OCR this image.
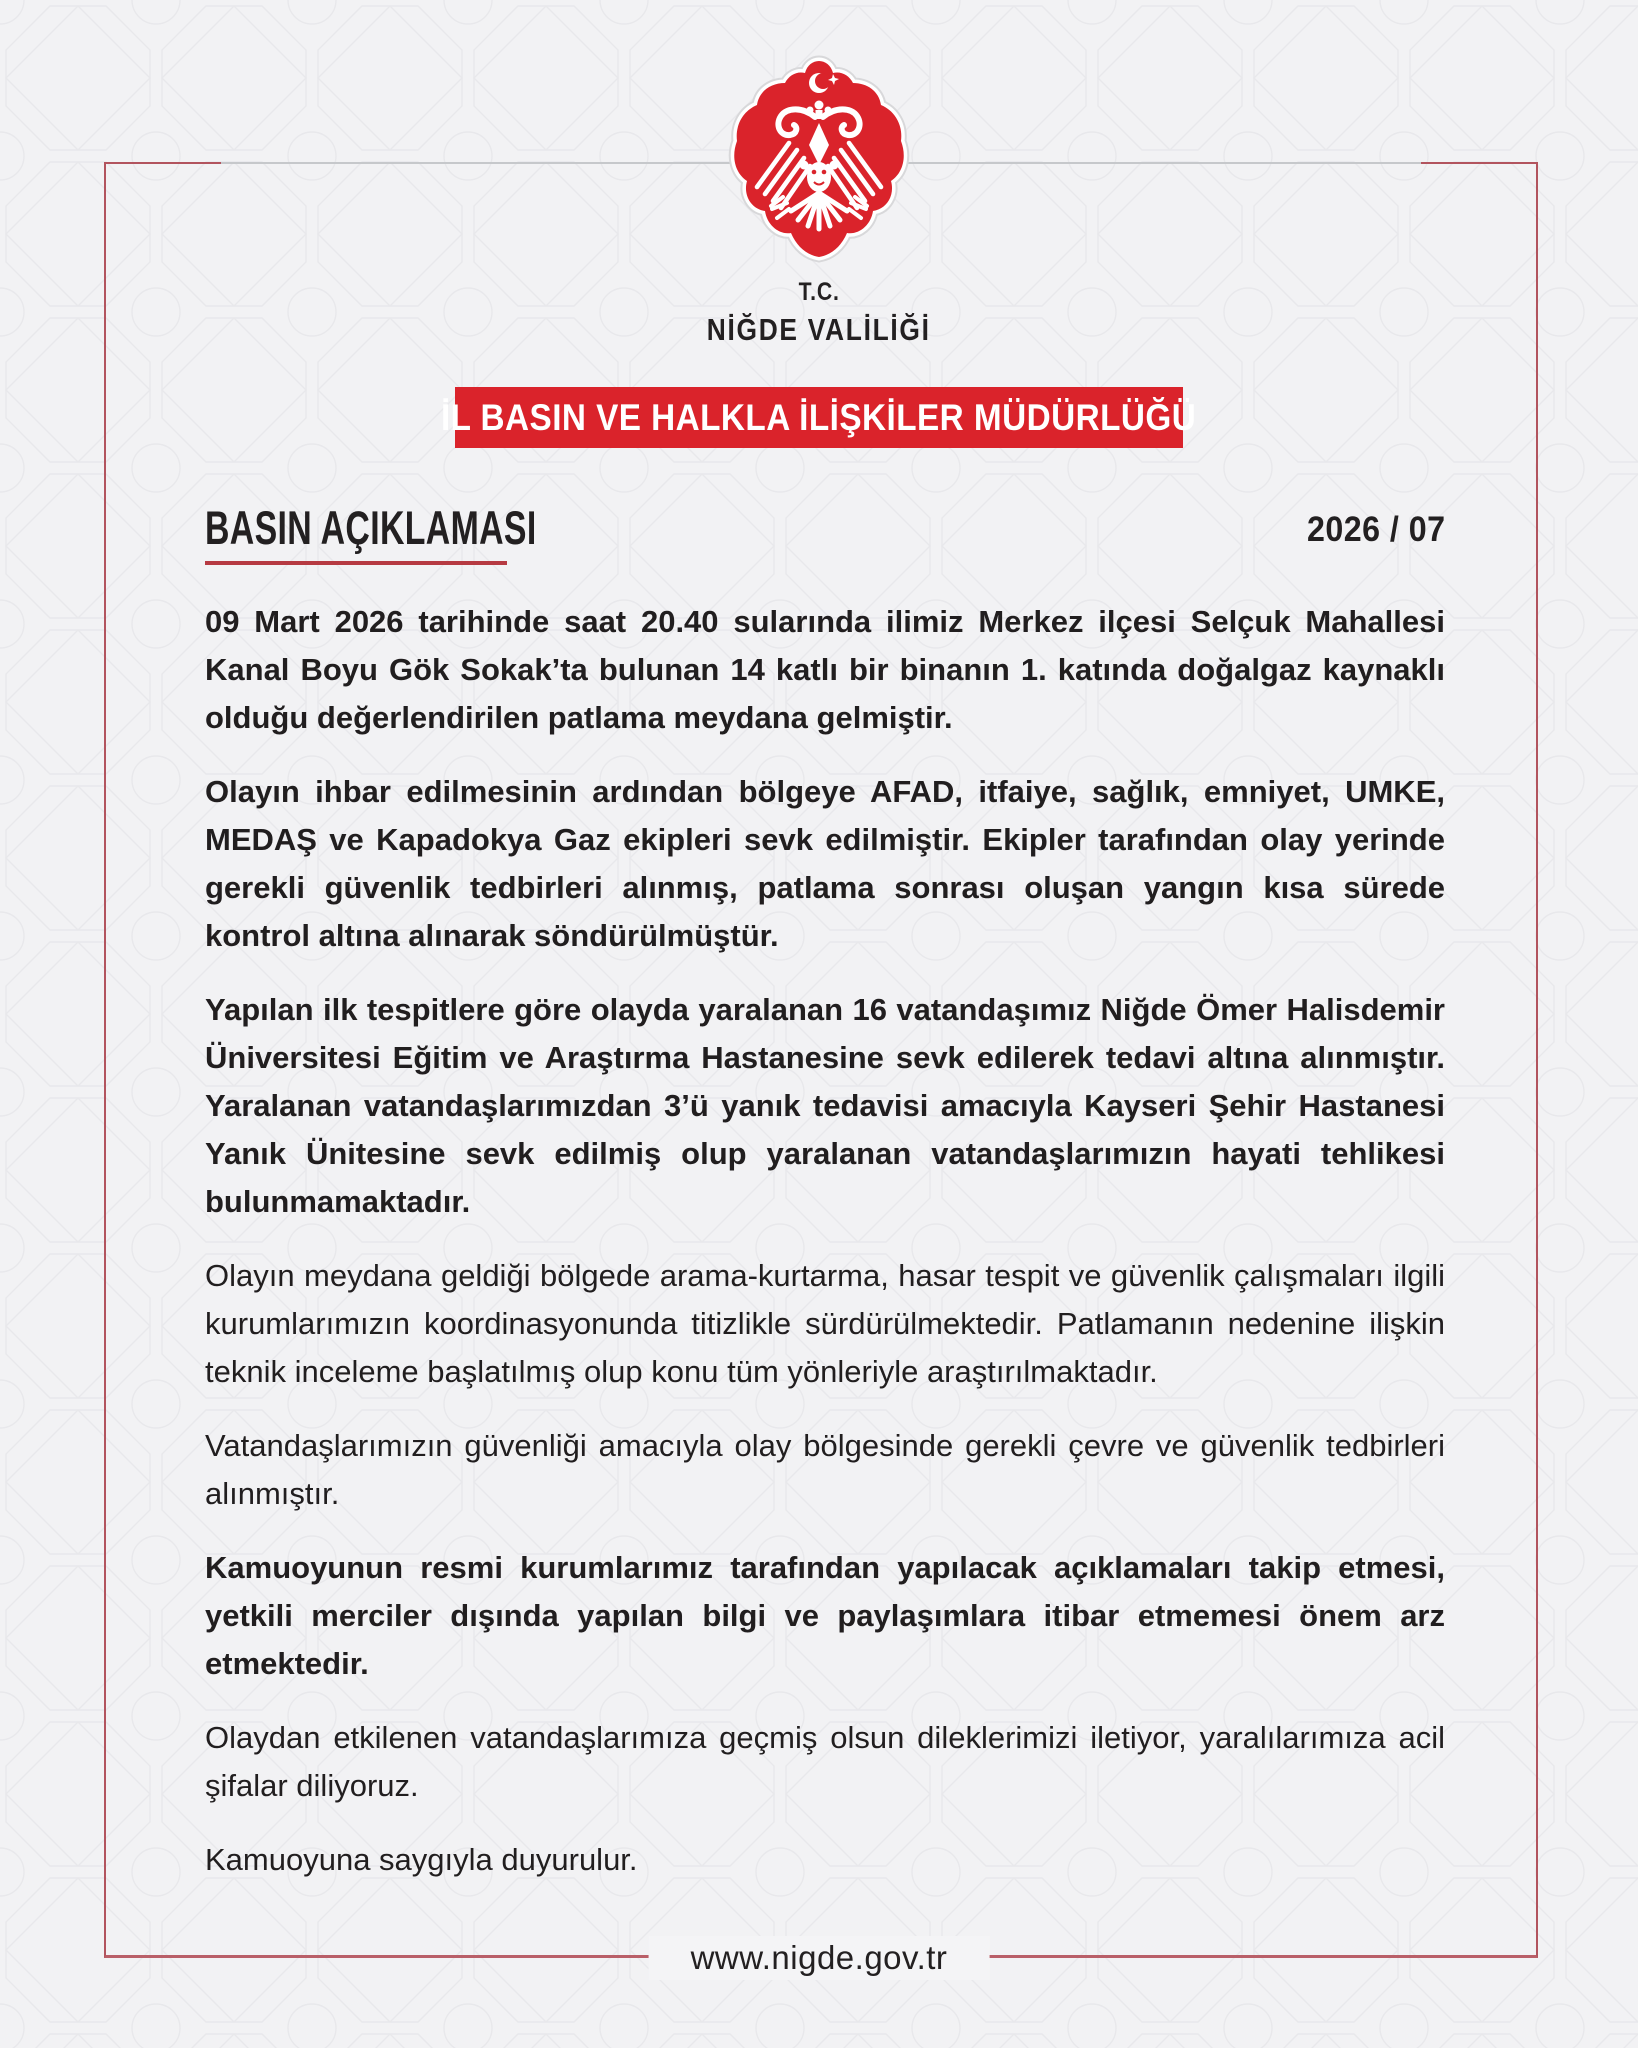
T.C.
NİĞDE VALİLİĞİ
İL BASIN VE HALKLA İLİŞKİLER MÜDÜRLÜĞÜ
BASIN AÇIKLAMASI	2026 / 07

09 Mart 2026 tarihinde saat 20.40 sularında ilimiz Merkez ilçesi Selçuk Mahallesi Kanal Boyu Gök Sokak’ta bulunan 14 katlı bir binanın 1. katında doğalgaz kaynaklı olduğu değerlendirilen patlama meydana gelmiştir.

Olayın ihbar edilmesinin ardından bölgeye AFAD, itfaiye, sağlık, emniyet, UMKE, MEDAŞ ve Kapadokya Gaz ekipleri sevk edilmiştir. Ekipler tarafından olay yerinde gerekli güvenlik tedbirleri alınmış, patlama sonrası oluşan yangın kısa sürede kontrol altına alınarak söndürülmüştür.

Yapılan ilk tespitlere göre olayda yaralanan 16 vatandaşımız Niğde Ömer Halisdemir Üniversitesi Eğitim ve Araştırma Hastanesine sevk edilerek tedavi altına alınmıştır. Yaralanan vatandaşlarımızdan 3’ü yanık tedavisi amacıyla Kayseri Şehir Hastanesi Yanık Ünitesine sevk edilmiş olup yaralanan vatandaşlarımızın hayati tehlikesi bulunmamaktadır.

Olayın meydana geldiği bölgede arama-kurtarma, hasar tespit ve güvenlik çalışmaları ilgili kurumlarımızın koordinasyonunda titizlikle sürdürülmektedir. Patlamanın nedenine ilişkin teknik inceleme başlatılmış olup konu tüm yönleriyle araştırılmaktadır.

Vatandaşlarımızın güvenliği amacıyla olay bölgesinde gerekli çevre ve güvenlik tedbirleri alınmıştır.

Kamuoyunun resmi kurumlarımız tarafından yapılacak açıklamaları takip etmesi, yetkili merciler dışında yapılan bilgi ve paylaşımlara itibar etmemesi önem arz etmektedir.

Olaydan etkilenen vatandaşlarımıza geçmiş olsun dileklerimizi iletiyor, yaralılarımıza acil şifalar diliyoruz.

Kamuoyuna saygıyla duyurulur.

www.nigde.gov.tr
